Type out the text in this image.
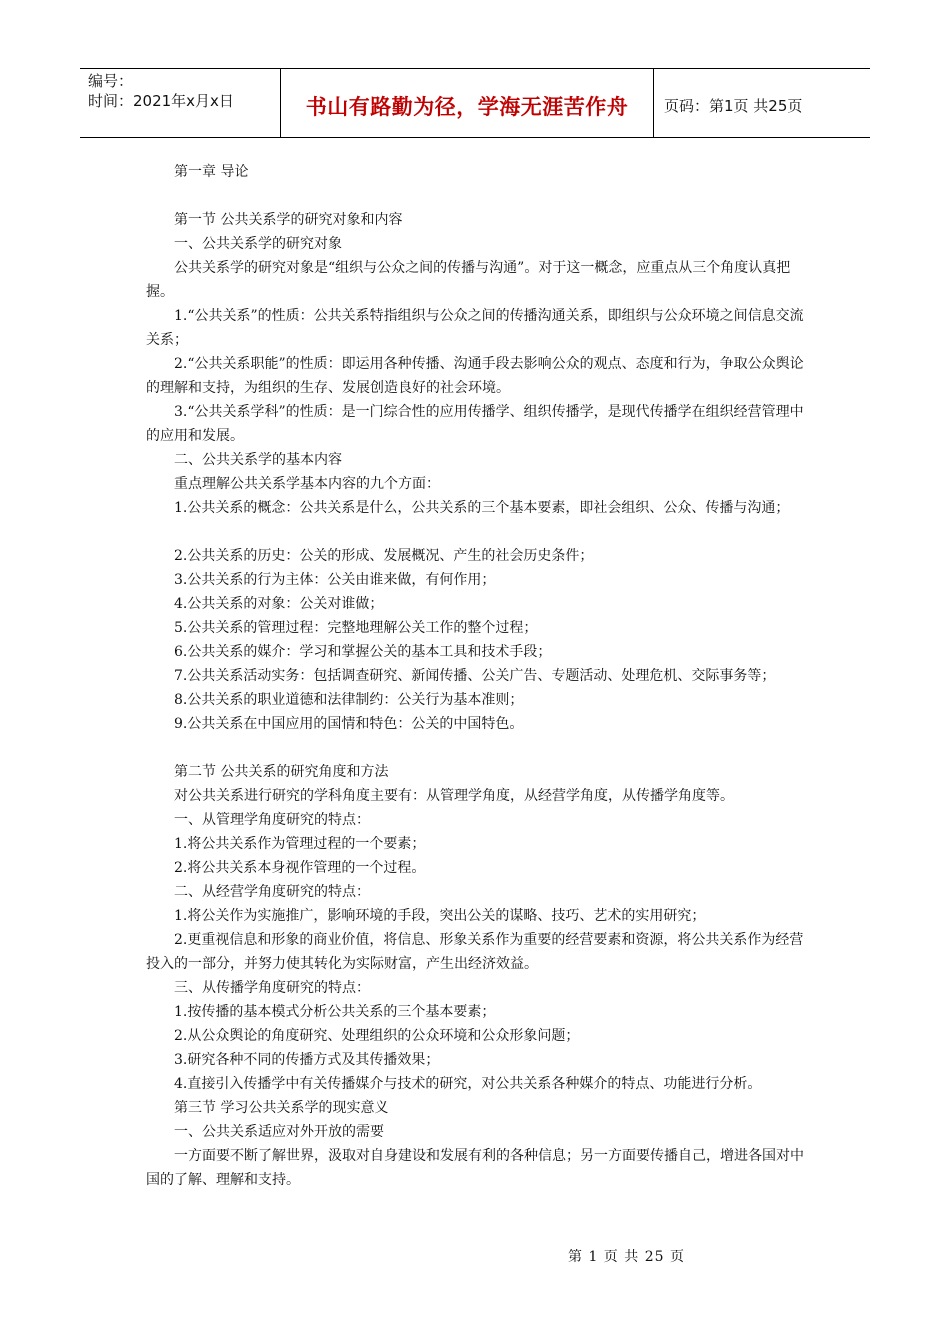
编号：
时间：2021年x月x日	书山有路勤为径，学海无涯苦作舟	页码：第1页 共25页

第一章 导论

第一节 公共关系学的研究对象和内容

一、公共关系学的研究对象

公共关系学的研究对象是“组织与公众之间的传播与沟通”。对于这一概念，应重点从三个角度认真把握。

1.“公共关系”的性质：公共关系特指组织与公众之间的传播沟通关系，即组织与公众环境之间信息交流关系；

2.“公共关系职能”的性质：即运用各种传播、沟通手段去影响公众的观点、态度和行为，争取公众舆论的理解和支持，为组织的生存、发展创造良好的社会环境。

3.“公共关系学科”的性质：是一门综合性的应用传播学、组织传播学，是现代传播学在组织经营管理中的应用和发展。

二、公共关系学的基本内容

重点理解公共关系学基本内容的九个方面：

1.公共关系的概念：公共关系是什么，公共关系的三个基本要素，即社会组织、公众、传播与沟通；

2.公共关系的历史：公关的形成、发展概况、产生的社会历史条件；

3.公共关系的行为主体：公关由谁来做，有何作用；

4.公共关系的对象：公关对谁做；

5.公共关系的管理过程：完整地理解公关工作的整个过程；

6.公共关系的媒介：学习和掌握公关的基本工具和技术手段；

7.公共关系活动实务：包括调查研究、新闻传播、公关广告、专题活动、处理危机、交际事务等；

8.公共关系的职业道德和法律制约：公关行为基本准则；

9.公共关系在中国应用的国情和特色：公关的中国特色。

第二节 公共关系的研究角度和方法

对公共关系进行研究的学科角度主要有：从管理学角度，从经营学角度，从传播学角度等。

一、从管理学角度研究的特点：

1.将公共关系作为管理过程的一个要素；

2.将公共关系本身视作管理的一个过程。

二、从经营学角度研究的特点：

1.将公关作为实施推广，影响环境的手段，突出公关的谋略、技巧、艺术的实用研究；

2.更重视信息和形象的商业价值，将信息、形象关系作为重要的经营要素和资源，将公共关系作为经营投入的一部分，并努力使其转化为实际财富，产生出经济效益。

三、从传播学角度研究的特点：

1.按传播的基本模式分析公共关系的三个基本要素；

2.从公众舆论的角度研究、处理组织的公众环境和公众形象问题；

3.研究各种不同的传播方式及其传播效果；

4.直接引入传播学中有关传播媒介与技术的研究，对公共关系各种媒介的特点、功能进行分析。

第三节 学习公共关系学的现实意义

一、公共关系适应对外开放的需要

一方面要不断了解世界，汲取对自身建设和发展有利的各种信息；另一方面要传播自己，增进各国对中国的了解、理解和支持。

第 1 页 共 25 页
